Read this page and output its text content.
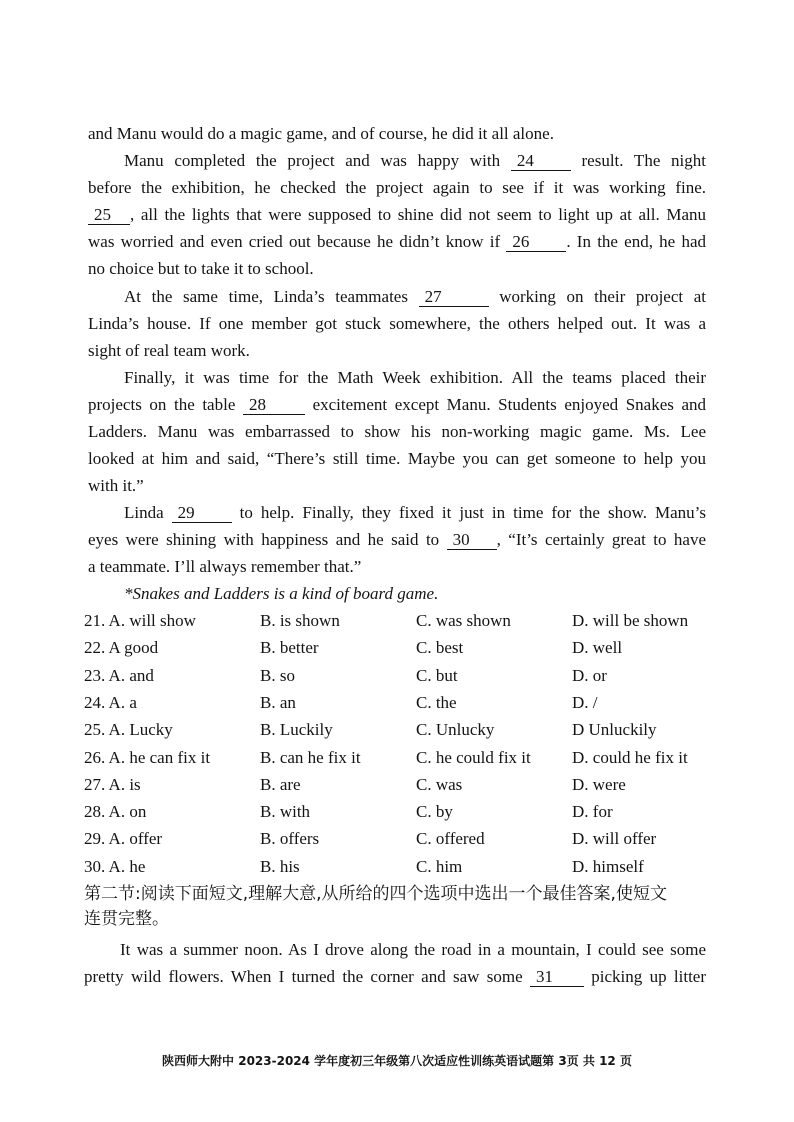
and Manu would do a magic game, and of course, he did it all alone.
Manu completed the project and was happy with 24	result. The night
before the exhibition, he checked the project again to see if it was working fine.
25 , all the lights that were supposed to shine did not seem to light up at all. Manu
was worried and even cried out because he didn’t know if 26 . In the end, he had
no choice but to take it to school.
At the same time, Linda’s teammates 27	working on their project at
Linda’s house. If one member got stuck somewhere, the others helped out. It was a
sight of real team work.
Finally, it was time for the Math Week exhibition. All the teams placed their
projects on the table 28	excitement except Manu. Students enjoyed Snakes and
Ladders. Manu was embarrassed to show his non-working magic game. Ms. Lee
looked at him and said, “There’s still time. Maybe you can get someone to help you
with it.”
Linda 29	to help. Finally, they fixed it just in time for the show. Manu’s
eyes were shining with happiness and he said to 30 , “It’s certainly great to have
a teammate. I’ll always remember that.”
*Snakes and Ladders is a kind of board game.
21. A. will show	B. is shown	C. was shown	D. will be shown
22. A good	B. better	C. best	D. well
23. A. and	B. so	C. but	D. or
24. A. a	B. an	C. the	D. /
25. A. Lucky	B. Luckily	C. Unlucky	D Unluckily
26. A. he can fix it	B. can he fix it	C. he could fix it D. could he fix it
27. A. is	B. are	C. was	D. were
28. A. on	B. with	C. by	D. for
29. A. offer	B. offers	C. offered	D. will offer
30. A. he	B. his	C. him	D. himself
第二节:阅读下面短文,理解大意,从所给的四个选项中选出一个最佳答案,使短文
连贯完整。
It was a summer noon. As I drove along the road in a mountain, I could see some
pretty wild flowers. When I turned the corner and saw some 31 picking up litter
陕西师大附中 2023-2024 学年度初三年级第八次适应性训练英语试题第 3页 共 12 页
